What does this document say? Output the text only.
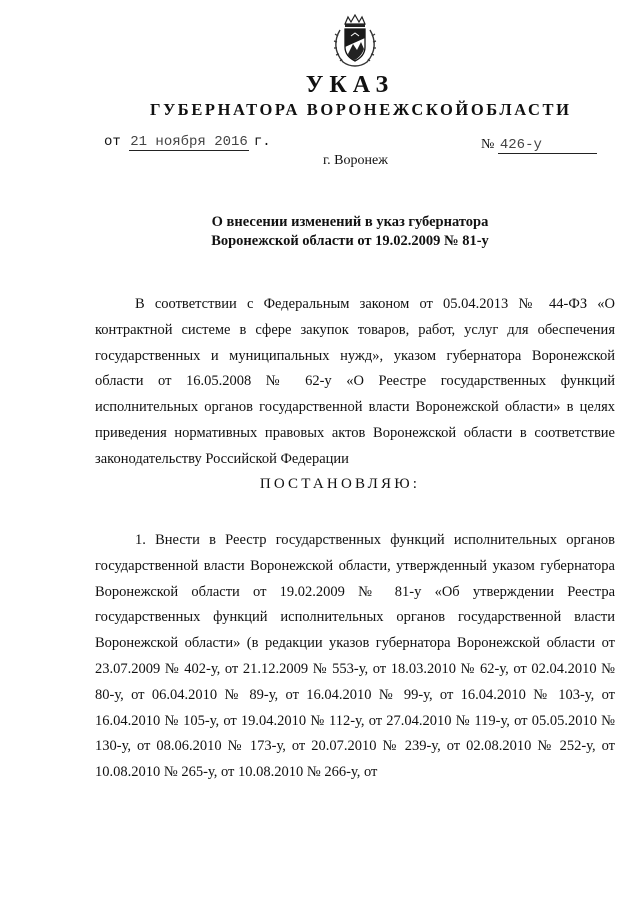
УКАЗ
ГУБЕРНАТОРА ВОРОНЕЖСКОЙОБЛАСТИ
от 21 ноября 2016 г.	№ 426-у
г. Воронеж
О внесении изменений в указ губернатора
Воронежской области от 19.02.2009 № 81-у
В соответствии с Федеральным законом от 05.04.2013 № 44-ФЗ «О контрактной системе в сфере закупок товаров, работ, услуг для обеспечения государственных и муниципальных нужд», указом губернатора Воронежской области от 16.05.2008 № 62-у «О Реестре государственных функций исполнительных органов государственной власти Воронежской области» в целях приведения нормативных правовых актов Воронежской области в соответствие законодательству Российской Федерации
ПОСТАНОВЛЯЮ:
1. Внести в Реестр государственных функций исполнительных органов государственной власти Воронежской области, утвержденный указом губернатора Воронежской области от 19.02.2009 № 81-у «Об утверждении Реестра государственных функций исполнительных органов государственной власти Воронежской области» (в редакции указов губернатора Воронежской области от 23.07.2009 № 402-у, от 21.12.2009 № 553-у, от 18.03.2010 № 62-у, от 02.04.2010 № 80-у, от 06.04.2010 № 89-у, от 16.04.2010 № 99-у, от 16.04.2010 № 103-у, от 16.04.2010 № 105-у, от 19.04.2010 № 112-у, от 27.04.2010 № 119-у, от 05.05.2010 № 130-у, от 08.06.2010 № 173-у, от 20.07.2010 № 239-у, от 02.08.2010 № 252-у, от 10.08.2010 № 265-у, от 10.08.2010 № 266-у, от
